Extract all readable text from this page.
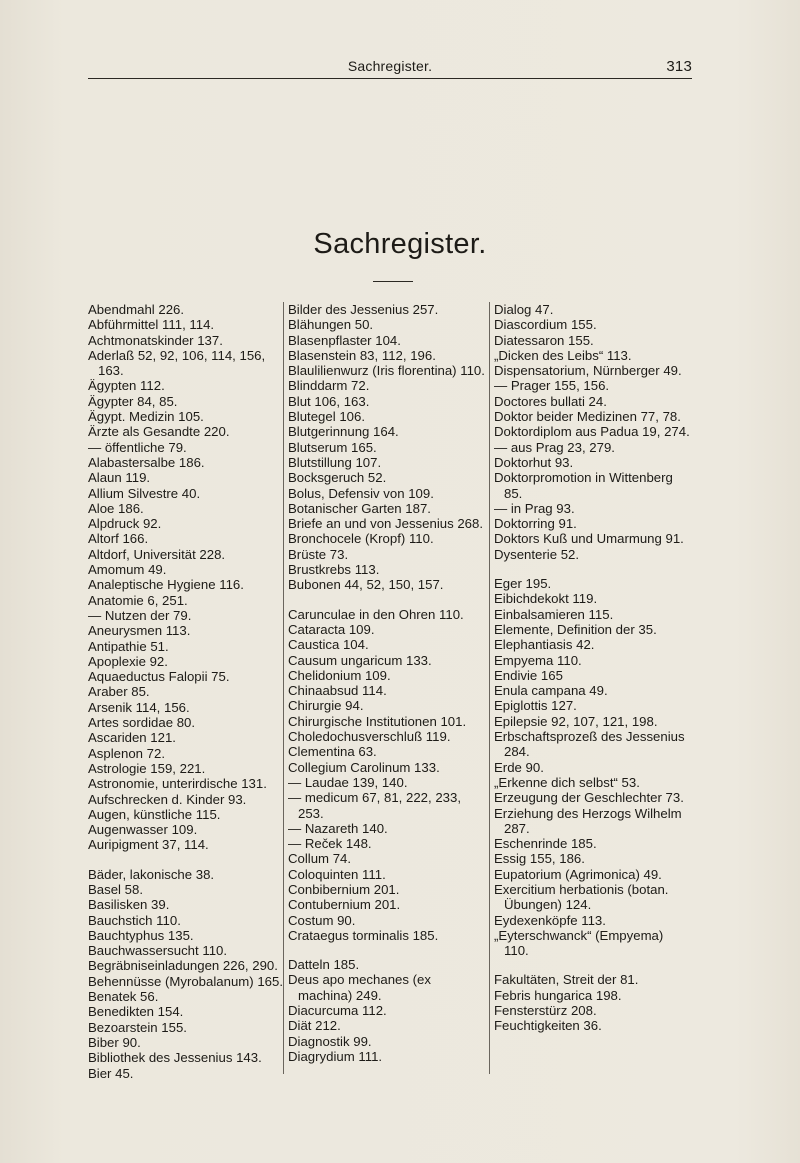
Sachregister.	313
Sachregister.

Abendmahl 226.

Abführmittel 111, 114.

Achtmonatskinder 137.

Aderlaß 52, 92, 106, 114, 156, 163.

Ägypten 112.

Ägypter 84, 85.

Ägypt. Medizin 105.

Ärzte als Gesandte 220.

— öffentliche 79.

Alabastersalbe 186.

Alaun 119.

Allium Silvestre 40.

Aloe 186.

Alpdruck 92.

Altorf 166.

Altdorf, Universität 228.

Amomum 49.

Analeptische Hygiene 116.

Anatomie 6, 251.

— Nutzen der 79.

Aneurysmen 113.

Antipathie 51.

Apoplexie 92.

Aquaeductus Falopii 75.

Araber 85.

Arsenik 114, 156.

Artes sordidae 80.

Ascariden 121.

Asplenon 72.

Astrologie 159, 221.

Astronomie, unterirdische 131.

Aufschrecken d. Kinder 93.

Augen, künstliche 115.

Augenwasser 109.

Auripigment 37, 114.

Bäder, lakonische 38.

Basel 58.

Basilisken 39.

Bauchstich 110.

Bauchtyphus 135.

Bauchwassersucht 110.

Begräbniseinladungen 226, 290.

Behennüsse (Myrobalanum) 165.

Benatek 56.

Benedikten 154.

Bezoarstein 155.

Biber 90.

Bibliothek des Jessenius 143.

Bier 45.

Bilder des Jessenius 257.

Blähungen 50.

Blasenpflaster 104.

Blasenstein 83, 112, 196.

Blaulilienwurz (Iris florentina) 110.

Blinddarm 72.

Blut 106, 163.

Blutegel 106.

Blutgerinnung 164.

Blutserum 165.

Blutstillung 107.

Bocksgeruch 52.

Bolus, Defensiv von 109.

Botanischer Garten 187.

Briefe an und von Jessenius 268.

Bronchocele (Kropf) 110.

Brüste 73.

Brustkrebs 113.

Bubonen 44, 52, 150, 157.

Carunculae in den Ohren 110.

Cataracta 109.

Caustica 104.

Causum ungaricum 133.

Chelidonium 109.

Chinaabsud 114.

Chirurgie 94.

Chirurgische Institutionen 101.

Choledochusverschluß 119.

Clementina 63.

Collegium Carolinum 133.

— Laudae 139, 140.

— medicum 67, 81, 222, 233, 253.

— Nazareth 140.

— Reček 148.

Collum 74.

Coloquinten 111.

Conbibernium 201.

Contubernium 201.

Costum 90.

Crataegus torminalis 185.

Datteln 185.

Deus apo mechanes (ex machina) 249.

Diacurcuma 112.

Diät 212.

Diagnostik 99.

Diagrydium 111.

Dialog 47.

Diascordium 155.

Diatessaron 155.

„Dicken des Leibs“ 113.

Dispensatorium, Nürnberger 49.

— Prager 155, 156.

Doctores bullati 24.

Doktor beider Medizinen 77, 78.

Doktordiplom aus Padua 19, 274.

— aus Prag 23, 279.

Doktorhut 93.

Doktorpromotion in Wittenberg 85.

— in Prag 93.

Doktorring 91.

Doktors Kuß und Umarmung 91.

Dysenterie 52.

Eger 195.

Eibichdekokt 119.

Einbalsamieren 115.

Elemente, Definition der 35.

Elephantiasis 42.

Empyema 110.

Endivie 165

Enula campana 49.

Epiglottis 127.

Epilepsie 92, 107, 121, 198.

Erbschaftsprozeß des Jessenius 284.

Erde 90.

„Erkenne dich selbst“ 53.

Erzeugung der Geschlechter 73.

Erziehung des Herzogs Wilhelm 287.

Eschenrinde 185.

Essig 155, 186.

Eupatorium (Agrimonica) 49.

Exercitium herbationis (botan. Übungen) 124.

Eydexenköpfe 113.

„Eyterschwanck“ (Empyema) 110.

Fakultäten, Streit der 81.

Febris hungarica 198.

Fensterstürz 208.

Feuchtigkeiten 36.
